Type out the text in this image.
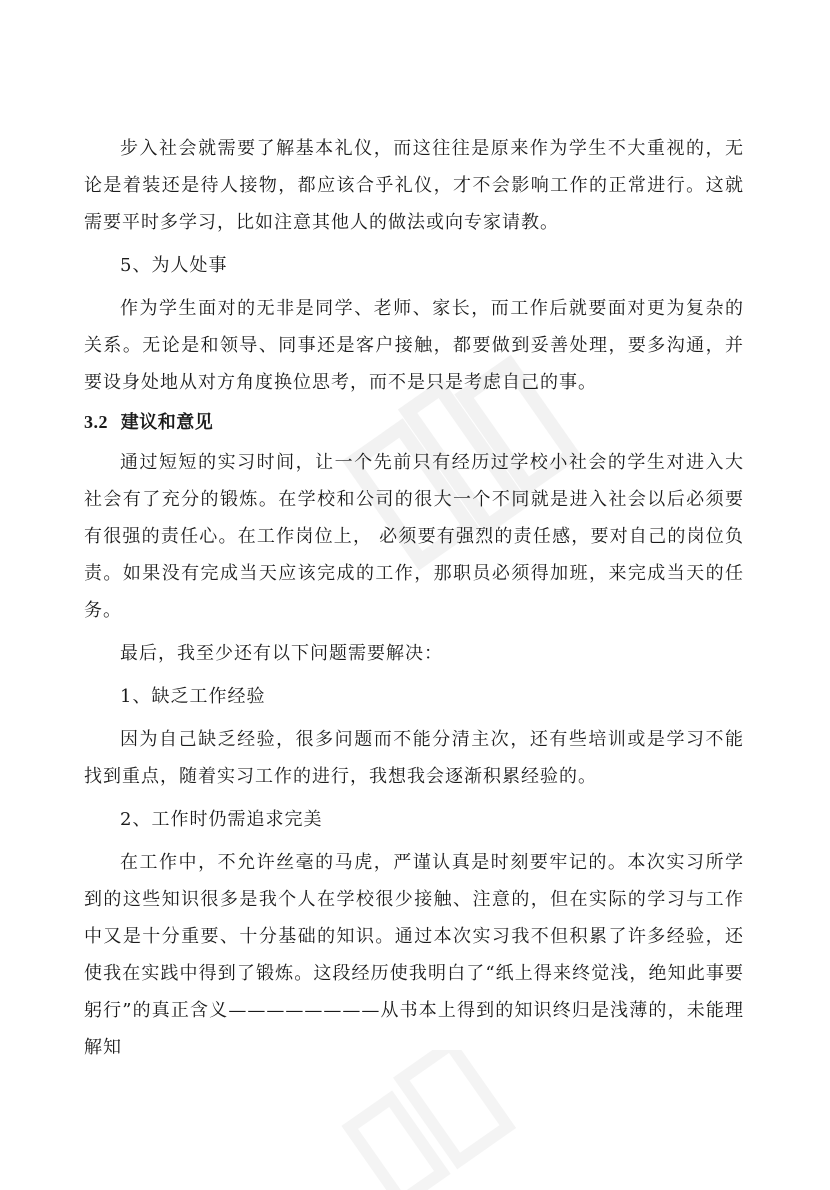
步入社会就需要了解基本礼仪，而这往往是原来作为学生不大重视的，无论是着装还是待人接物，都应该合乎礼仪，才不会影响工作的正常进行。这就需要平时多学习，比如注意其他人的做法或向专家请教。

5、为人处事

作为学生面对的无非是同学、老师、家长，而工作后就要面对更为复杂的关系。无论是和领导、同事还是客户接触，都要做到妥善处理，要多沟通，并要设身处地从对方角度换位思考，而不是只是考虑自己的事。

3.2 建议和意见

通过短短的实习时间，让一个先前只有经历过学校小社会的学生对进入大社会有了充分的锻炼。在学校和公司的很大一个不同就是进入社会以后必须要有很强的责任心。在工作岗位上， 必须要有强烈的责任感，要对自己的岗位负责。如果没有完成当天应该完成的工作，那职员必须得加班，来完成当天的任务。

最后，我至少还有以下问题需要解决：

1、缺乏工作经验

因为自己缺乏经验，很多问题而不能分清主次，还有些培训或是学习不能找到重点，随着实习工作的进行，我想我会逐渐积累经验的。

2、工作时仍需追求完美

在工作中，不允许丝毫的马虎，严谨认真是时刻要牢记的。本次实习所学到的这些知识很多是我个人在学校很少接触、注意的，但在实际的学习与工作中又是十分重要、十分基础的知识。通过本次实习我不但积累了许多经验，还使我在实践中得到了锻炼。这段经历使我明白了“纸上得来终觉浅，绝知此事要躬行”的真正含义————————从书本上得到的知识终归是浅薄的，未能理解知
